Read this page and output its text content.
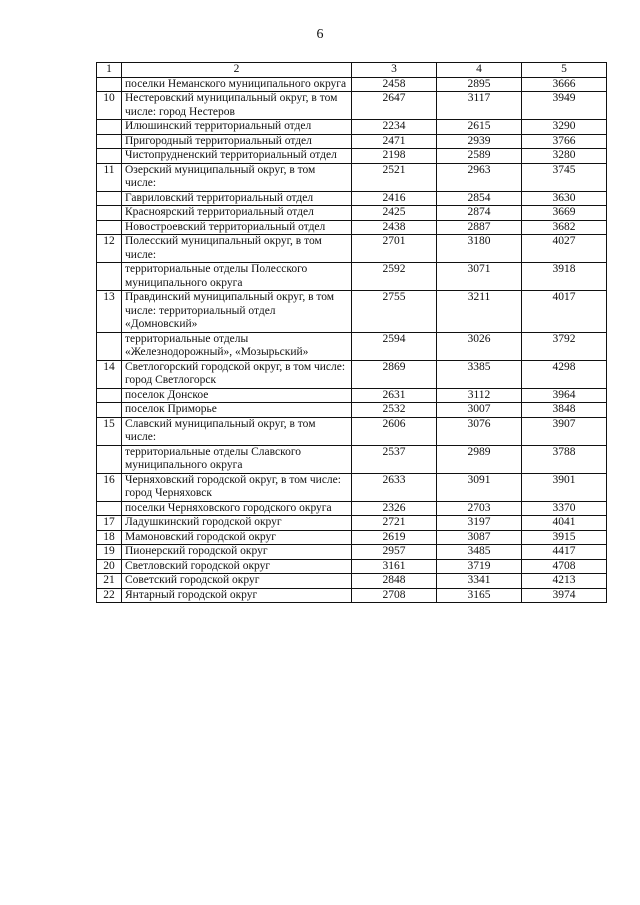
6
1	2	3	4	5
	поселки Неманского муниципального округа	2458	2895	3666
10	Нестеровский муниципальный округ, в том числе: город Нестеров	2647	3117	3949
	Илюшинский территориальный отдел	2234	2615	3290
	Пригородный территориальный отдел	2471	2939	3766
	Чистопрудненский территориальный отдел	2198	2589	3280
11	Озерский муниципальный округ, в том числе:	2521	2963	3745
	Гавриловский территориальный отдел	2416	2854	3630
	Красноярский территориальный отдел	2425	2874	3669
	Новостроевский территориальный отдел	2438	2887	3682
12	Полесский муниципальный округ, в том числе:	2701	3180	4027
	территориальные отделы Полесского муниципального округа	2592	3071	3918
13	Правдинский муниципальный округ, в том числе: территориальный отдел «Домновский»	2755	3211	4017
	территориальные отделы «Железнодорожный», «Мозырьский»	2594	3026	3792
14	Светлогорский городской округ, в том числе: город Светлогорск	2869	3385	4298
	поселок Донское	2631	3112	3964
	поселок Приморье	2532	3007	3848
15	Славский муниципальный округ, в том числе:	2606	3076	3907
	территориальные отделы Славского муниципального округа	2537	2989	3788
16	Черняховский городской округ, в том числе: город Черняховск	2633	3091	3901
	поселки Черняховского городского округа	2326	2703	3370
17	Ладушкинский городской округ	2721	3197	4041
18	Мамоновский городской округ	2619	3087	3915
19	Пионерский городской округ	2957	3485	4417
20	Светловский городской округ	3161	3719	4708
21	Советский городской округ	2848	3341	4213
22	Янтарный городской округ	2708	3165	3974
